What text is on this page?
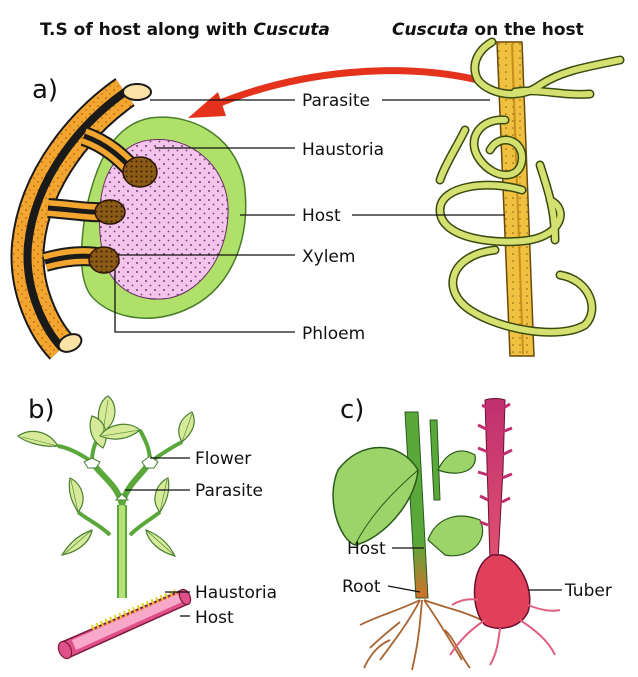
T.S of host along with Cuscuta	Cuscuta on the host
a)	Parasite
Haustoria
Host
Xylem
Phloem
b)
Flower
Parasite
Haustoria
Host
c)
Host
Root	Tuber
